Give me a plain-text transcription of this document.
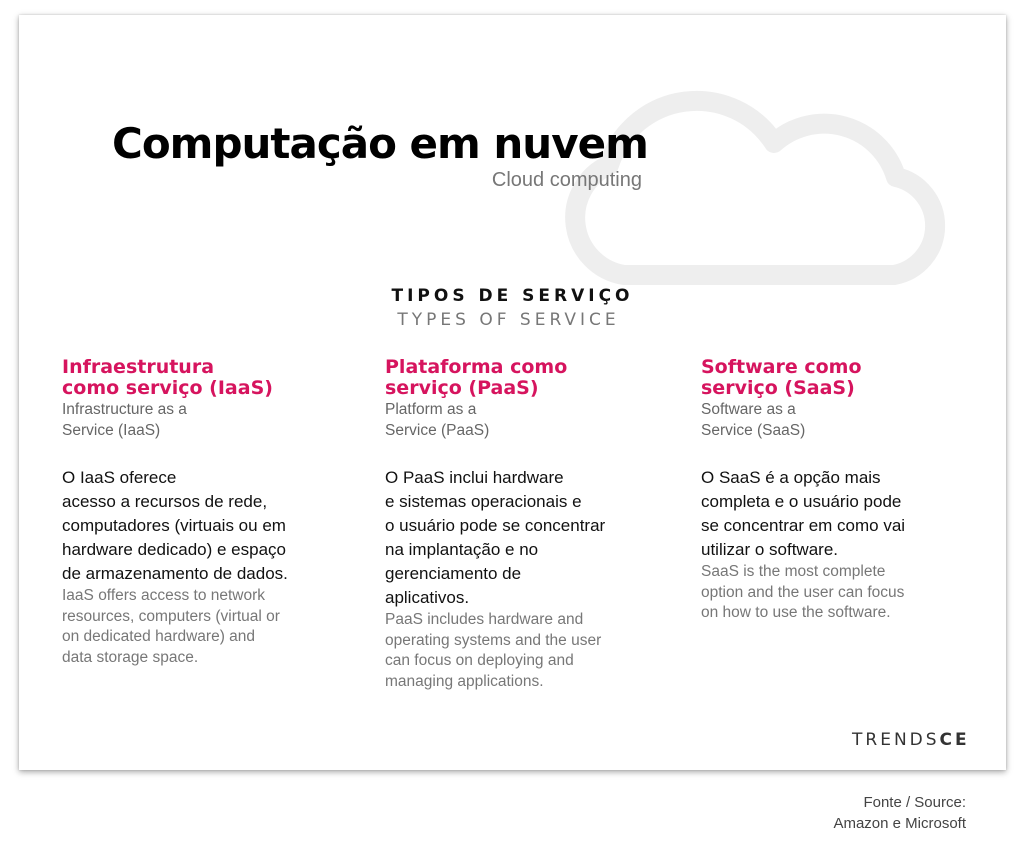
Computação em nuvem
Cloud computing
TIPOS DE SERVIÇO
TYPES OF SERVICE
Infraestrutura
como serviço (IaaS)
Infrastructure as a
Service (IaaS)
O IaaS oferece
acesso a recursos de rede,
computadores (virtuais ou em
hardware dedicado) e espaço
de armazenamento de dados.
IaaS offers access to network
resources, computers (virtual or
on dedicated hardware) and
data storage space.
Plataforma como
serviço (PaaS)
Platform as a
Service (PaaS)
O PaaS inclui hardware
e sistemas operacionais e
o usuário pode se concentrar
na implantação e no
gerenciamento de
aplicativos.
PaaS includes hardware and
operating systems and the user
can focus on deploying and
managing applications.
Software como
serviço (SaaS)
Software as a
Service (SaaS)
O SaaS é a opção mais
completa e o usuário pode
se concentrar em como vai
utilizar o software.
SaaS is the most complete
option and the user can focus
on how to use the software.
TRENDSCE
Fonte / Source:
Amazon e Microsoft
